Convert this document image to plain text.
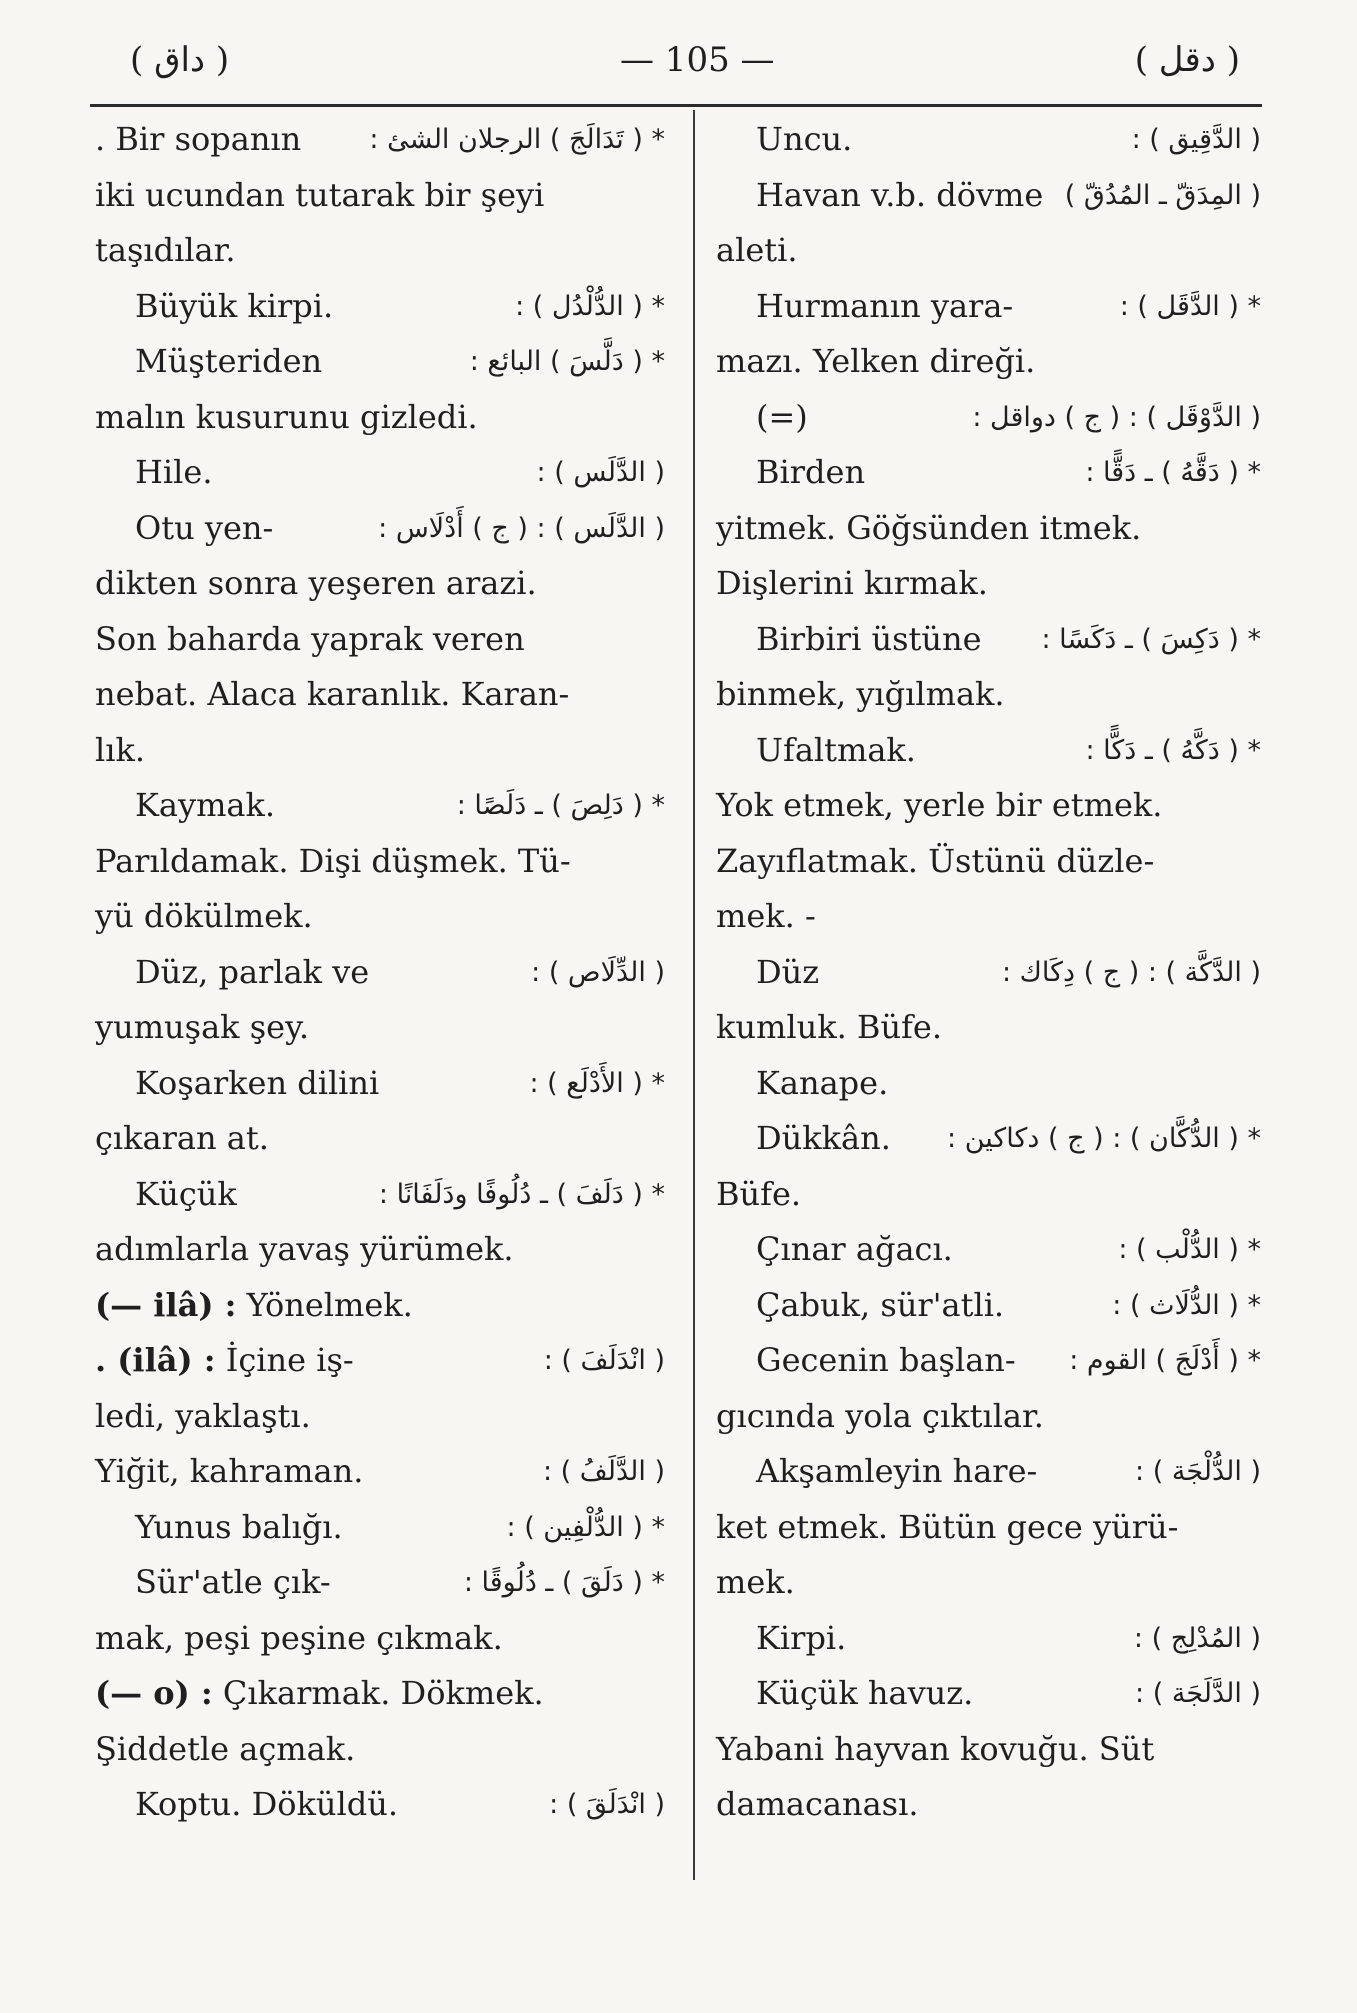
( داق )	— 105 —	( دقل )
. Bir sopanın	* ( تَدَالَجَ ) الرجلان الشئ :
iki ucundan tutarak bir şeyi
taşıdılar.
Büyük kirpi.	* ( الدُّلْدُل ) :
Müşteriden	* ( دَلَّسَ ) البائع :
malın kusurunu gizledi.
Hile.	( الدَّلَس ) :
Otu yen-	( الدَّلَس ) : ( ج ) أَدْلَاس :
dikten sonra yeşeren arazi.
Son baharda yaprak veren
nebat. Alaca karanlık. Karan-
lık.
Kaymak.	* ( دَلِصَ ) ـ دَلَصًا :
Parıldamak. Dişi düşmek. Tü-
yü dökülmek.
Düz, parlak ve	( الدِّلَاص ) :
yumuşak şey.
Koşarken dilini	* ( الأَدْلَع ) :
çıkaran at.
Küçük	* ( دَلَفَ ) ـ دُلُوفًا ودَلَفَانًا :
adımlarla yavaş yürümek.
(— ilâ) : Yönelmek.
. (ilâ) : İçine iş-	( انْدَلَفَ ) :
ledi, yaklaştı.
Yiğit, kahraman.	( الدَّلَفُ ) :
Yunus balığı.	* ( الدُّلْفِين ) :
Sür'atle çık-	* ( دَلَقَ ) ـ دُلُوقًا :
mak, peşi peşine çıkmak.
(— o) : Çıkarmak. Dökmek.
Şiddetle açmak.
Koptu. Döküldü.	( انْدَلَقَ ) :
Uncu.	( الدَّقِيق ) :
Havan v.b. dövme ( المِدَقّ ـ المُدُقّ )
aleti.
Hurmanın yara-	* ( الدَّقَل ) :
mazı. Yelken direği.
(=)	( الدَّوْقَل ) : ( ج ) دواقل :
Birden	* ( دَقَّهُ ) ـ دَقًّا :
yitmek. Göğsünden itmek.
Dişlerini kırmak.
Birbiri üstüne * ( دَكِسَ ) ـ دَكَسًا :
binmek, yığılmak.
Ufaltmak.	* ( دَكَّهُ ) ـ دَكًّا :
Yok etmek, yerle bir etmek.
Zayıflatmak. Üstünü düzle-
mek. -
Düz	( الدَّكَّة ) : ( ج ) دِكَاك :
kumluk. Büfe.
Kanape.
Dükkân. * ( الدُّكَّان ) : ( ج ) دكاكين :
Büfe.
Çınar ağacı.	* ( الدُّلْب ) :
Çabuk, sür'atli.	* ( الدُّلَاث ) :
Gecenin başlan- * ( أَدْلَجَ ) القوم :
gıcında yola çıktılar.
Akşamleyin hare-	( الدُّلْجَة ) :
ket etmek. Bütün gece yürü-
mek.
Kirpi.	( المُدْلِج ) :
Küçük havuz.	( الدَّلَجَة ) :
Yabani hayvan kovuğu. Süt
damacanası.
